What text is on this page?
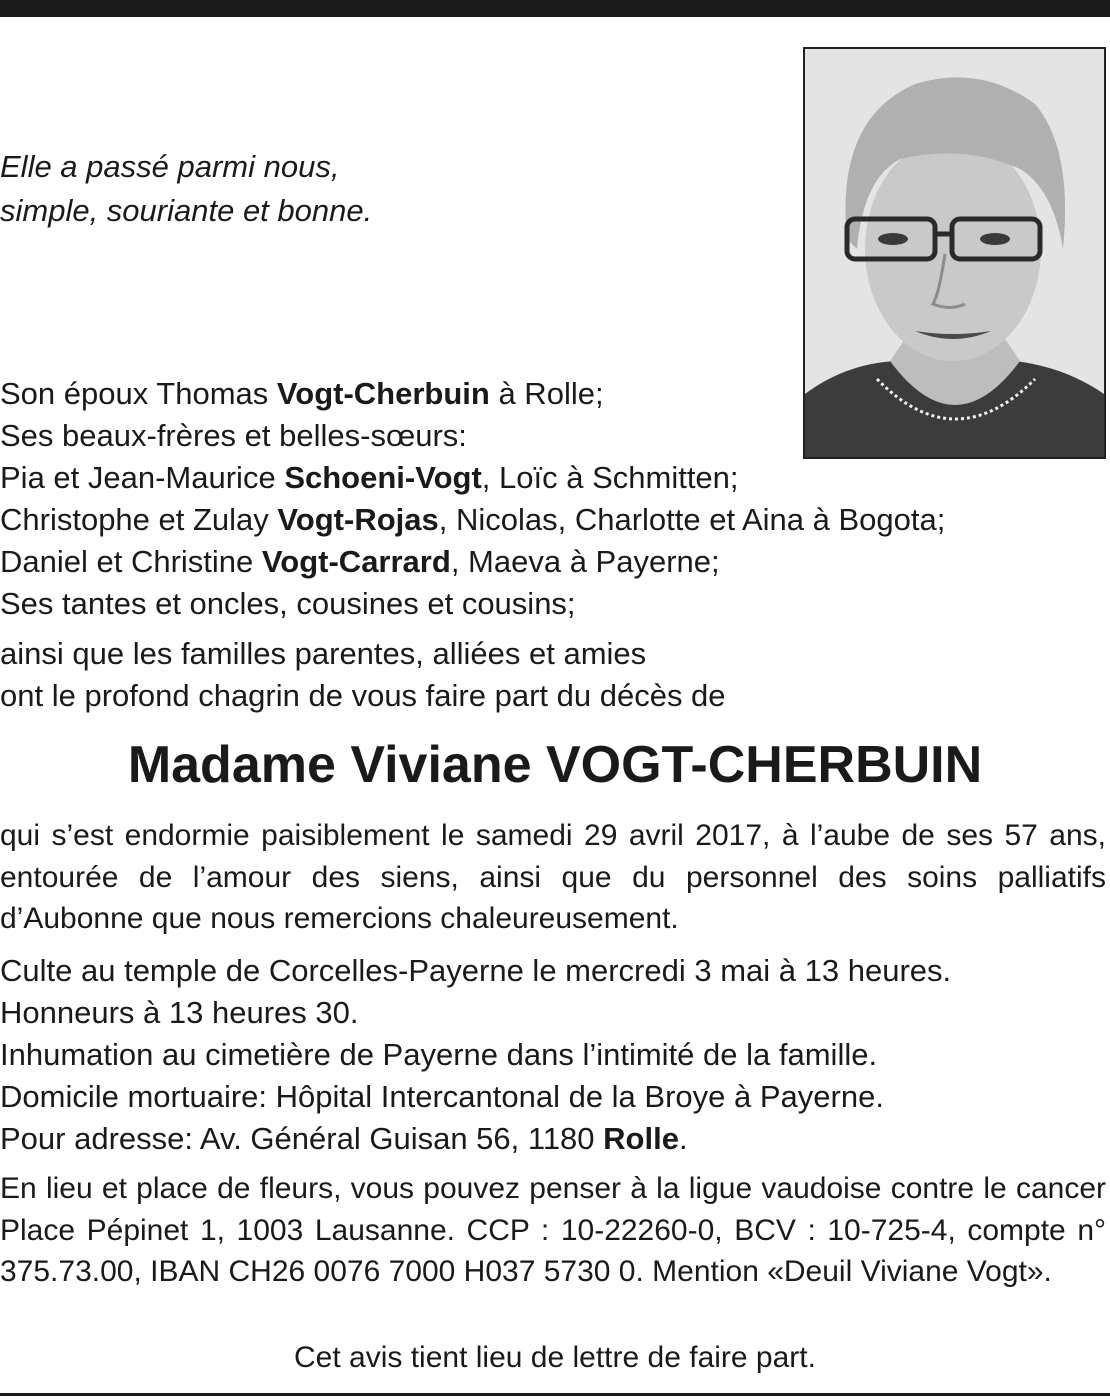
Elle a passé parmi nous,
simple, souriante et bonne.

Son époux Thomas Vogt-Cherbuin à Rolle;

Ses beaux-frères et belles-sœurs:

Pia et Jean-Maurice Schoeni-Vogt, Loïc à Schmitten;

Christophe et Zulay Vogt-Rojas, Nicolas, Charlotte et Aina à Bogota;

Daniel et Christine Vogt-Carrard, Maeva à Payerne;

Ses tantes et oncles, cousines et cousins;

ainsi que les familles parentes, alliées et amies

ont le profond chagrin de vous faire part du décès de

Madame Viviane VOGT-CHERBUIN

qui s’est endormie paisiblement le samedi 29 avril 2017, à l’aube de ses 57 ans, entourée de l’amour des siens, ainsi que du personnel des soins palliatifs d’Aubonne que nous remercions chaleureusement.

Culte au temple de Corcelles-Payerne le mercredi 3 mai à 13 heures.

Honneurs à 13 heures 30.

Inhumation au cimetière de Payerne dans l’intimité de la famille.

Domicile mortuaire: Hôpital Intercantonal de la Broye à Payerne.

Pour adresse: Av. Général Guisan 56, 1180 Rolle.

En lieu et place de fleurs, vous pouvez penser à la ligue vaudoise contre le cancer Place Pépinet 1, 1003 Lausanne. CCP : 10-22260-0, BCV : 10-725-4, compte n° 375.73.00, IBAN CH26 0076 7000 H037 5730 0. Mention «Deuil Viviane Vogt».

Cet avis tient lieu de lettre de faire part.
